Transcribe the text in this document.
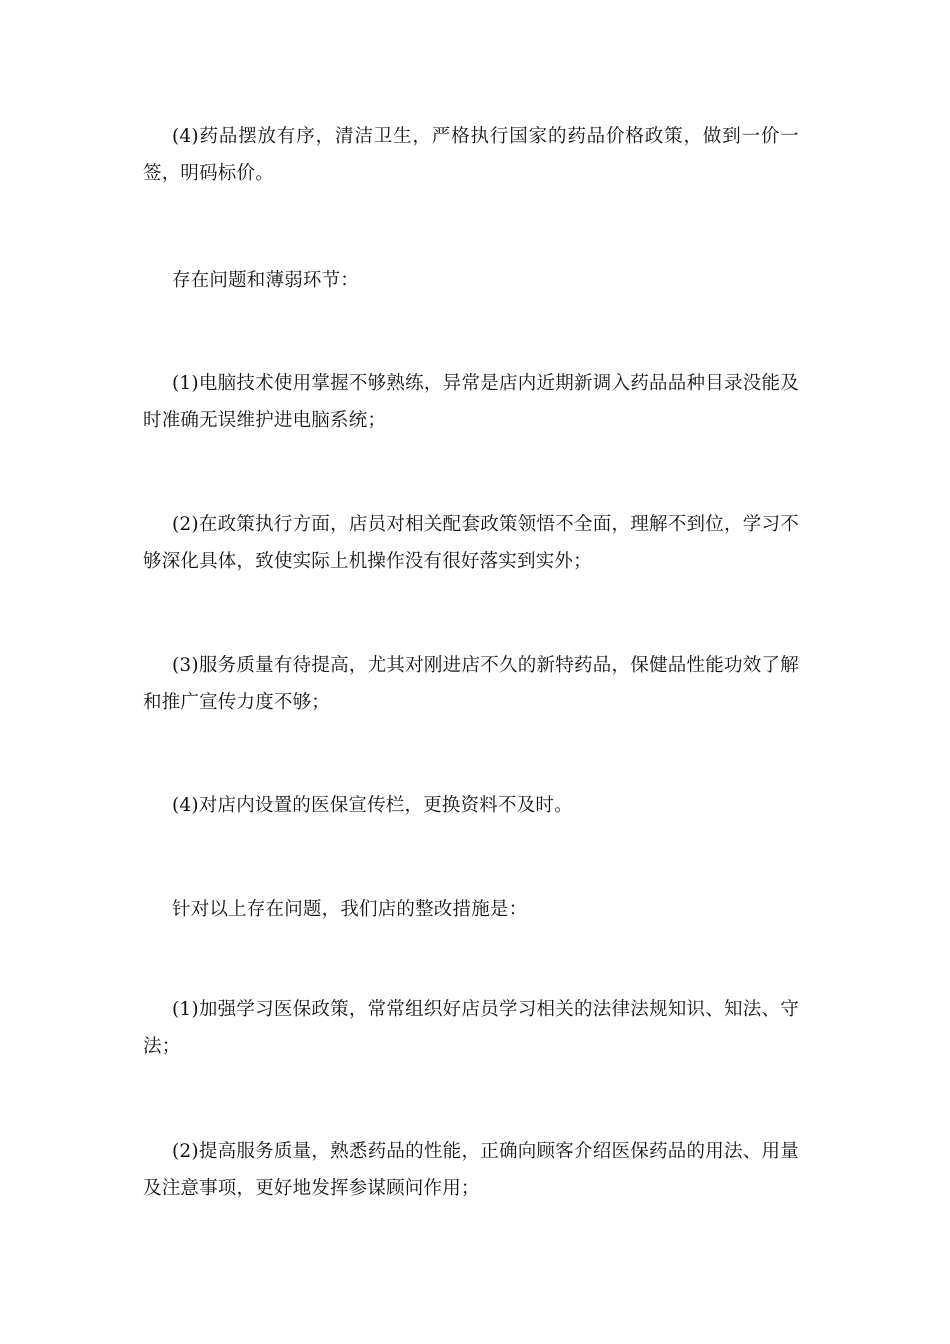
(4)药品摆放有序，清洁卫生，严格执行国家的药品价格政策，做到一价一签，明码标价。

存在问题和薄弱环节：

(1)电脑技术使用掌握不够熟练，异常是店内近期新调入药品品种目录没能及时准确无误维护进电脑系统；

(2)在政策执行方面，店员对相关配套政策领悟不全面，理解不到位，学习不够深化具体，致使实际上机操作没有很好落实到实外；

(3)服务质量有待提高，尤其对刚进店不久的新特药品，保健品性能功效了解和推广宣传力度不够；

(4)对店内设置的医保宣传栏，更换资料不及时。

针对以上存在问题，我们店的整改措施是：

(1)加强学习医保政策，常常组织好店员学习相关的法律法规知识、知法、守法；

(2)提高服务质量，熟悉药品的性能，正确向顾客介绍医保药品的用法、用量及注意事项，更好地发挥参谋顾问作用；
